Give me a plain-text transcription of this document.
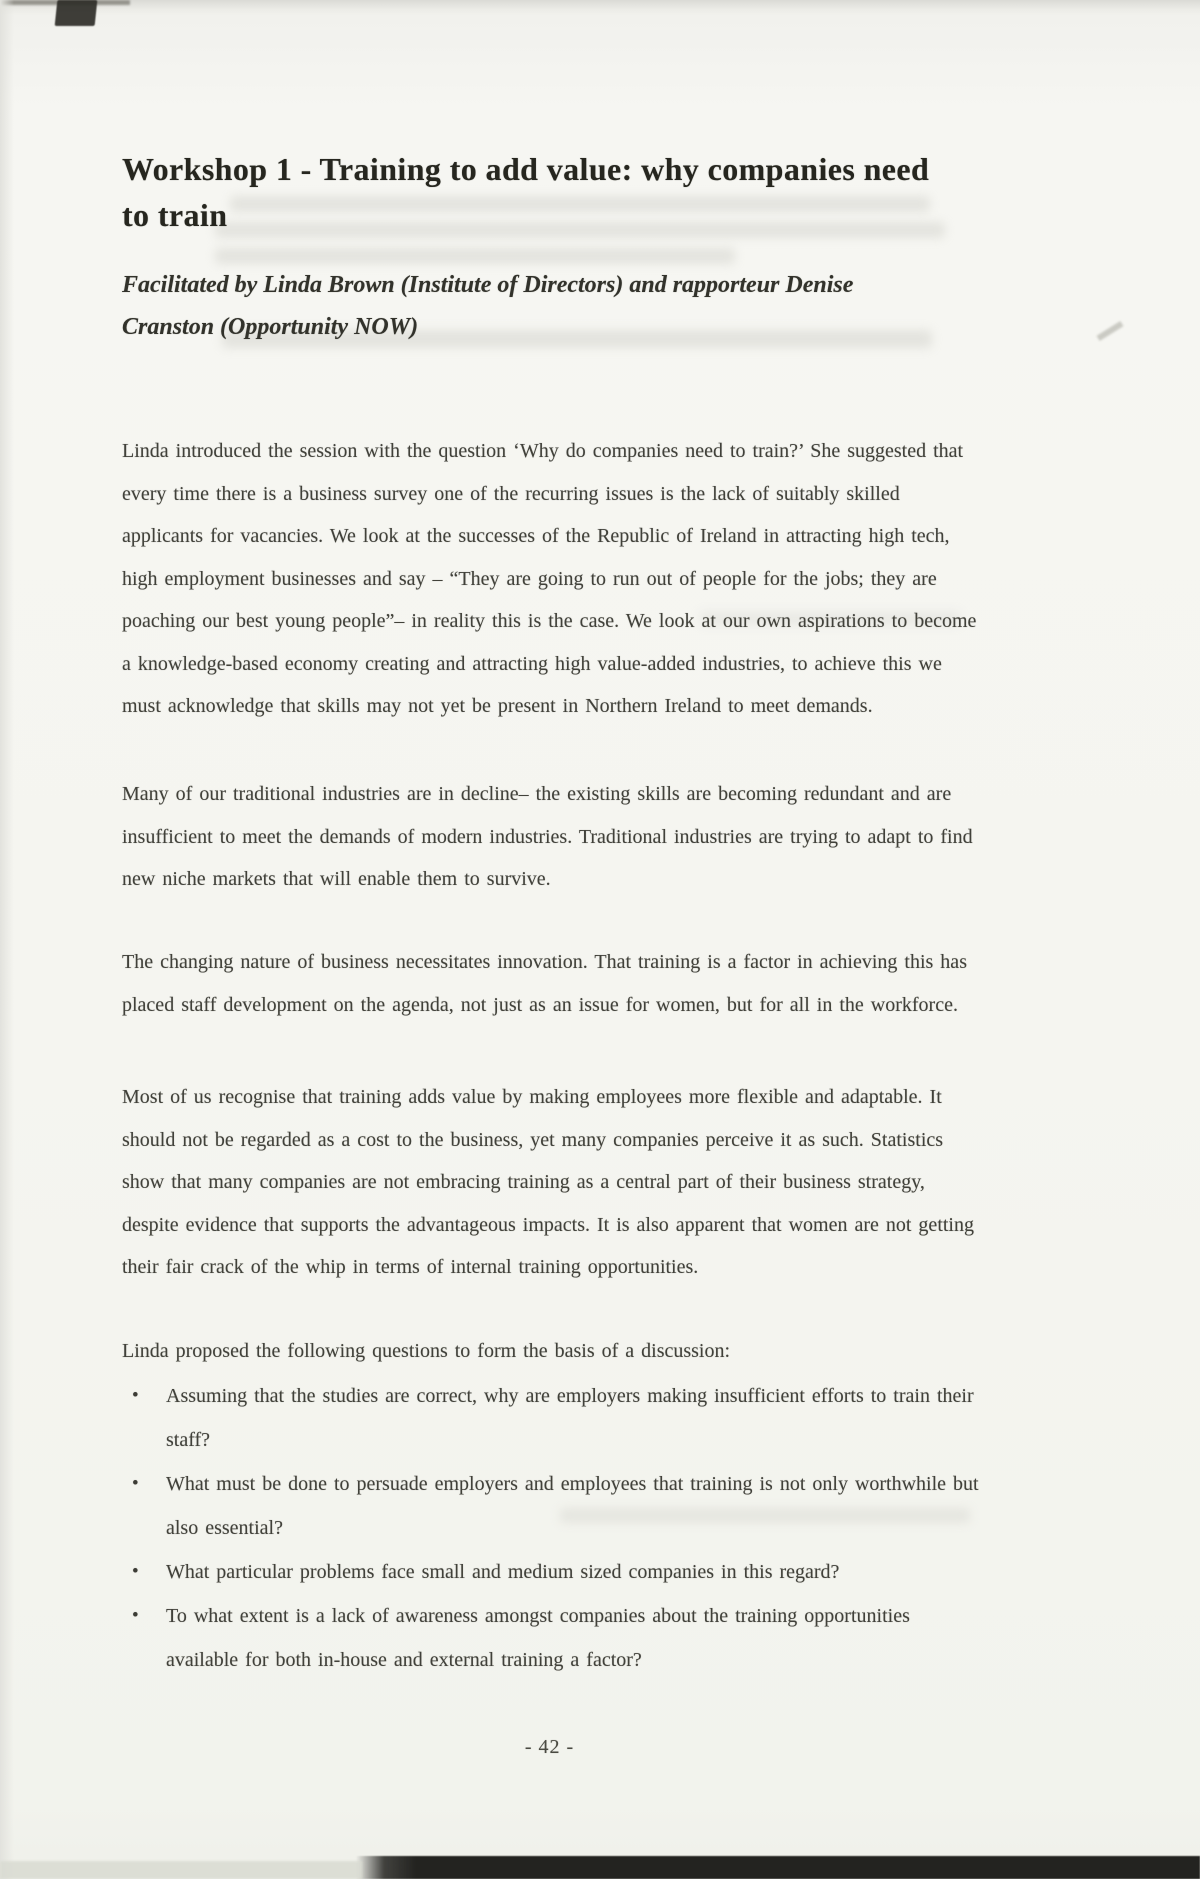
Workshop 1 - Training to add value: why companies need
to train
Facilitated by Linda Brown (Institute of Directors) and rapporteur Denise
Cranston (Opportunity NOW)
Linda introduced the session with the question ‘Why do companies need to train?’ She suggested that every time there is a business survey one of the recurring issues is the lack of suitably skilled applicants for vacancies. We look at the successes of the Republic of Ireland in attracting high tech, high employment businesses and say – “They are going to run out of people for the jobs; they are poaching our best young people”– in reality this is the case. We look at our own aspirations to become a knowledge-based economy creating and attracting high value-added industries, to achieve this we must acknowledge that skills may not yet be present in Northern Ireland to meet demands.
Many of our traditional industries are in decline– the existing skills are becoming redundant and are insufficient to meet the demands of modern industries. Traditional industries are trying to adapt to find new niche markets that will enable them to survive.
The changing nature of business necessitates innovation. That training is a factor in achieving this has placed staff development on the agenda, not just as an issue for women, but for all in the workforce.
Most of us recognise that training adds value by making employees more flexible and adaptable. It should not be regarded as a cost to the business, yet many companies perceive it as such. Statistics show that many companies are not embracing training as a central part of their business strategy, despite evidence that supports the advantageous impacts. It is also apparent that women are not getting their fair crack of the whip in terms of internal training opportunities.
Linda proposed the following questions to form the basis of a discussion:
•	Assuming that the studies are correct, why are employers making insufficient efforts to train their staff?
•	What must be done to persuade employers and employees that training is not only worthwhile but also essential?
•	What particular problems face small and medium sized companies in this regard?
•	To what extent is a lack of awareness amongst companies about the training opportunities available for both in-house and external training a factor?
- 42 -
